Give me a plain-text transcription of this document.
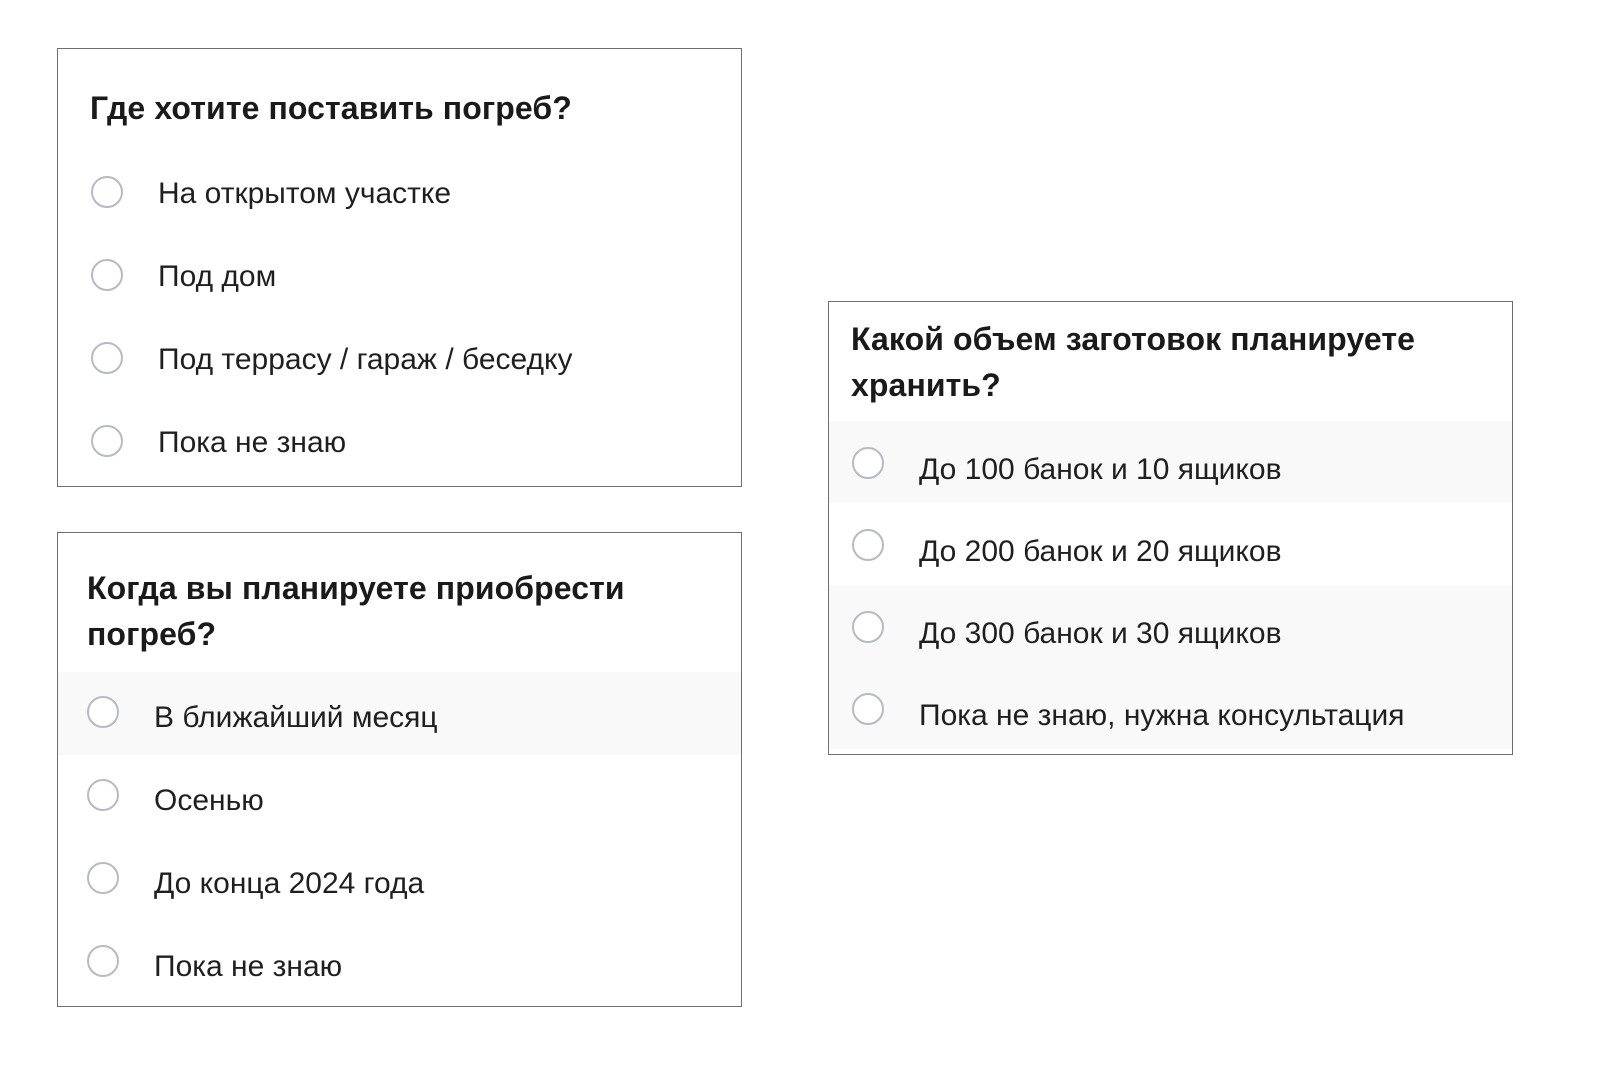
Где хотите поставить погреб?
На открытом участке
Под дом
Под террасу / гараж / беседку
Пока не знаю
Когда вы планируете приобрести погреб?
В ближайший месяц
Осенью
До конца 2024 года
Пока не знаю
Какой объем заготовок планируете хранить?
До 100 банок и 10 ящиков
До 200 банок и 20 ящиков
До 300 банок и 30 ящиков
Пока не знаю, нужна консультация
